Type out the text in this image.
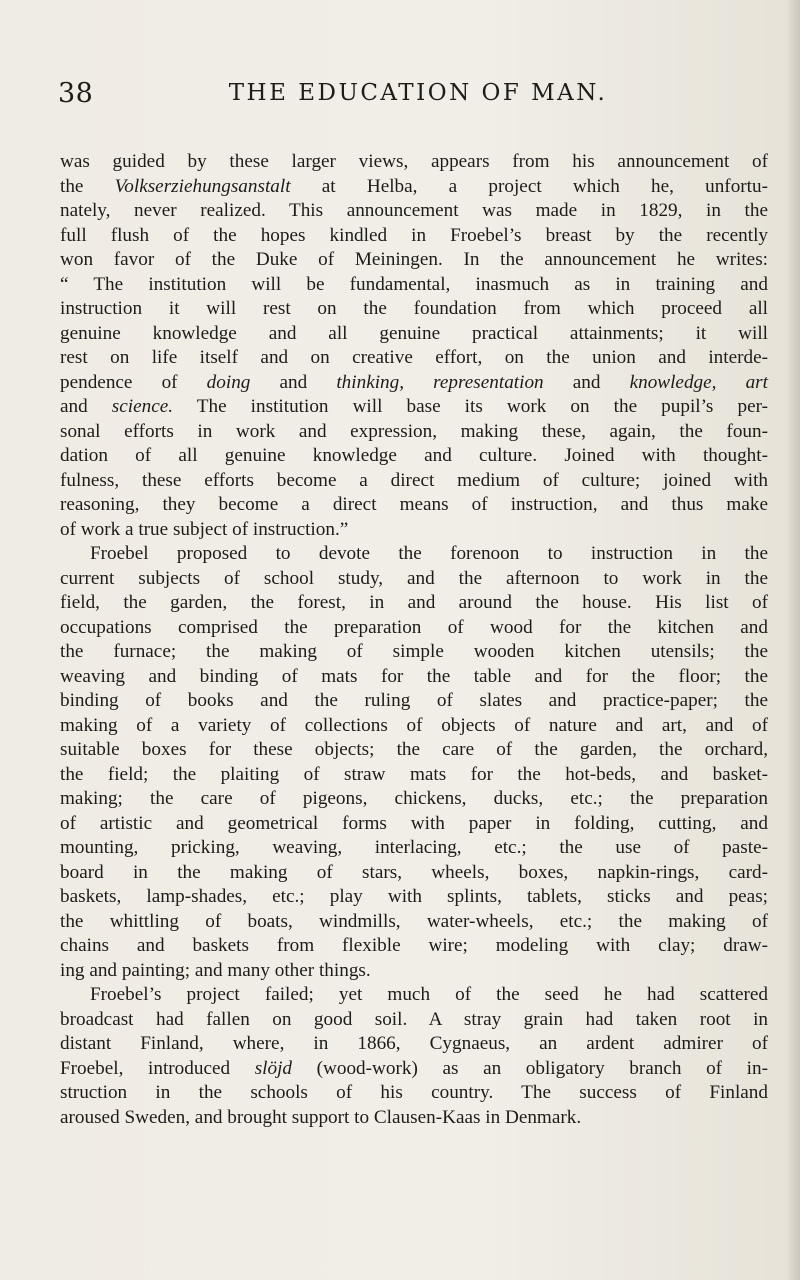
38	THE EDUCATION OF MAN.
was guided by these larger views, appears from his announcement of
the Volkserziehungsanstalt at Helba, a project which he, unfortu-
nately, never realized. This announcement was made in 1829, in the
full flush of the hopes kindled in Froebel’s breast by the recently
won favor of the Duke of Meiningen. In the announcement he writes:
“ The institution will be fundamental, inasmuch as in training and
instruction it will rest on the foundation from which proceed all
genuine knowledge and all genuine practical attainments; it will
rest on life itself and on creative effort, on the union and interde-
pendence of doing and thinking, representation and knowledge, art
and science. The institution will base its work on the pupil’s per-
sonal efforts in work and expression, making these, again, the foun-
dation of all genuine knowledge and culture. Joined with thought-
fulness, these efforts become a direct medium of culture; joined with
reasoning, they become a direct means of instruction, and thus make
of work a true subject of instruction.”
Froebel proposed to devote the forenoon to instruction in the
current subjects of school study, and the afternoon to work in the
field, the garden, the forest, in and around the house. His list of
occupations comprised the preparation of wood for the kitchen and
the furnace; the making of simple wooden kitchen utensils; the
weaving and binding of mats for the table and for the floor; the
binding of books and the ruling of slates and practice-paper; the
making of a variety of collections of objects of nature and art, and of
suitable boxes for these objects; the care of the garden, the orchard,
the field; the plaiting of straw mats for the hot-beds, and basket-
making; the care of pigeons, chickens, ducks, etc.; the preparation
of artistic and geometrical forms with paper in folding, cutting, and
mounting, pricking, weaving, interlacing, etc.; the use of paste-
board in the making of stars, wheels, boxes, napkin-rings, card-
baskets, lamp-shades, etc.; play with splints, tablets, sticks and peas;
the whittling of boats, windmills, water-wheels, etc.; the making of
chains and baskets from flexible wire; modeling with clay; draw-
ing and painting; and many other things.
Froebel’s project failed; yet much of the seed he had scattered
broadcast had fallen on good soil. A stray grain had taken root in
distant Finland, where, in 1866, Cygnaeus, an ardent admirer of
Froebel, introduced slöjd (wood-work) as an obligatory branch of in-
struction in the schools of his country. The success of Finland
aroused Sweden, and brought support to Clausen-Kaas in Denmark.
